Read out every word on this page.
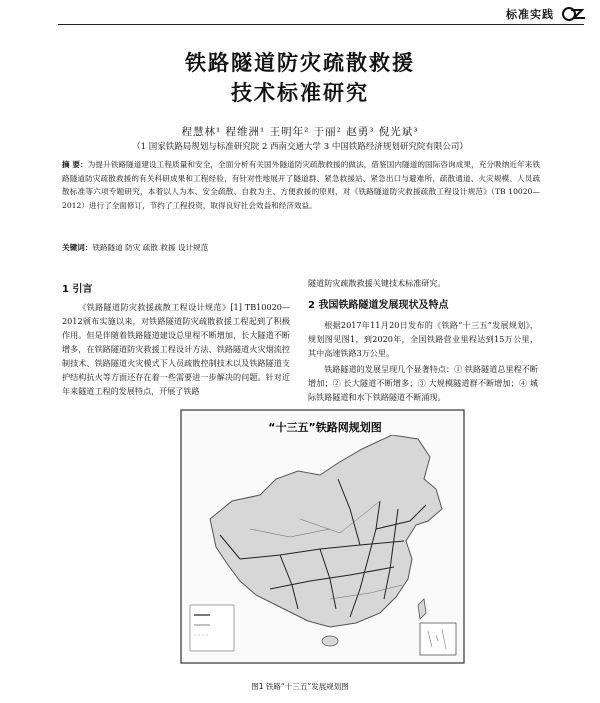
标准实践
铁路隧道防灾疏散救援
技术标准研究
程慧林¹ 程维洲¹ 王明年² 于丽² 赵勇³ 倪光斌³
（1 国家铁路局规划与标准研究院 2 西南交通大学 3 中国铁路经济规划研究院有限公司）
摘 要：为提升铁路隧道建设工程质量和安全，全面分析有关国外隧道防灾疏散救援的做法，借鉴国内隧道的国际咨询成果，充分吸纳近年来铁路隧道防灾疏散救援的有关科研成果和工程经验，有针对性地展开了隧道群、紧急救援站、紧急出口与避难所、疏散通道、火灾规模、人员疏散标准等六项专题研究，本着以人为本、安全疏散、自救为主、方便救援的原则，对《铁路隧道防灾救援疏散工程设计规范》（TB 10020—2012）进行了全面修订，节约了工程投资，取得良好社会效益和经济效益。
关键词：铁路隧道 防灾 疏散 救援 设计规范
1 引言
《铁路隧道防灾救援疏散工程设计规范》[1] TB10020—2012颁布实施以来，对铁路隧道防灾疏散救援工程起到了积极作用。但是伴随着铁路隧道建设总里程不断增加，长大隧道不断增多，在铁路隧道防灾救援工程设计方法、铁路隧道火灾烟流控制技术、铁路隧道火灾模式下人员疏散控制技术以及铁路隧道支护结构抗火等方面还存在着一些需要进一步解决的问题。针对近年来隧道工程的发展特点，开展了铁路
隧道防灾疏散救援关键技术标准研究。
2 我国铁路隧道发展现状及特点
根据2017年11月20日发布的《铁路“十三五”发展规划》，规划图见图1，到2020年，全国铁路营业里程达到15万公里，其中高速铁路3万公里。
铁路隧道的发展呈现几个显著特点：① 铁路隧道总里程不断增加；② 长大隧道不断增多；③ 大规模隧道群不断增加；④ 城际铁路隧道和水下铁路隧道不断涌现。
“十三五”铁路网规划图
图1 铁路“十三五”发展规划图
